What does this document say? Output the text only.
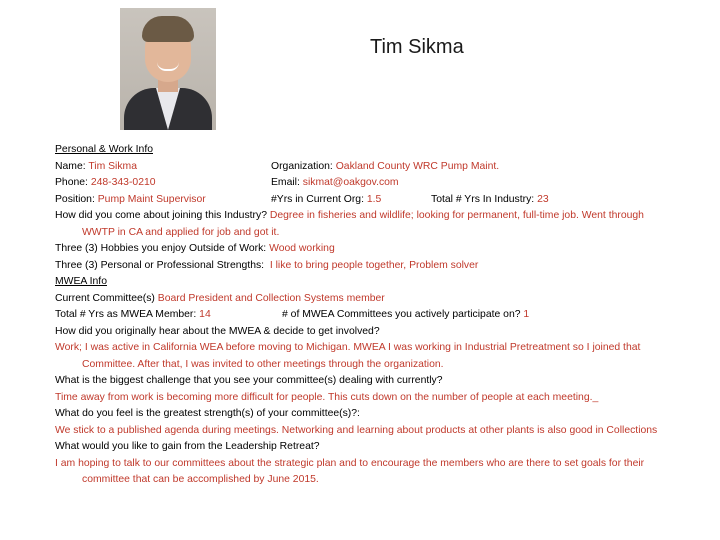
Tim Sikma
Personal & Work Info
Name: Tim Sikma	Organization: Oakland County WRC Pump Maint.
Phone: 248-343-0210	Email: sikmat@oakgov.com
Position: Pump Maint Supervisor	#Yrs in Current Org: 1.5	Total # Yrs In Industry: 23
How did you come about joining this Industry? Degree in fisheries and wildlife; looking for permanent, full-time job. Went through WWTP in CA and applied for job and got it.
Three (3) Hobbies you enjoy Outside of Work: Wood working
Three (3) Personal or Professional Strengths:  I like to bring people together, Problem solver
MWEA Info
Current Committee(s) Board President and Collection Systems member
Total # Yrs as MWEA Member: 14	# of MWEA Committees you actively participate on? 1
How did you originally hear about the MWEA & decide to get involved?
Work; I was active in California WEA before moving to Michigan. MWEA I was working in Industrial Pretreatment so I joined that Committee. After that, I was invited to other meetings through the organization.
What is the biggest challenge that you see your committee(s) dealing with currently?
Time away from work is becoming more difficult for people. This cuts down on the number of people at each meeting._
What do you feel is the greatest strength(s) of your committee(s)?:
We stick to a published agenda during meetings. Networking and learning about products at other plants is also good in Collections
What would you like to gain from the Leadership Retreat?
I am hoping to talk to our committees about the strategic plan and to encourage the members who are there to set goals for their committee that can be accomplished by June 2015.
